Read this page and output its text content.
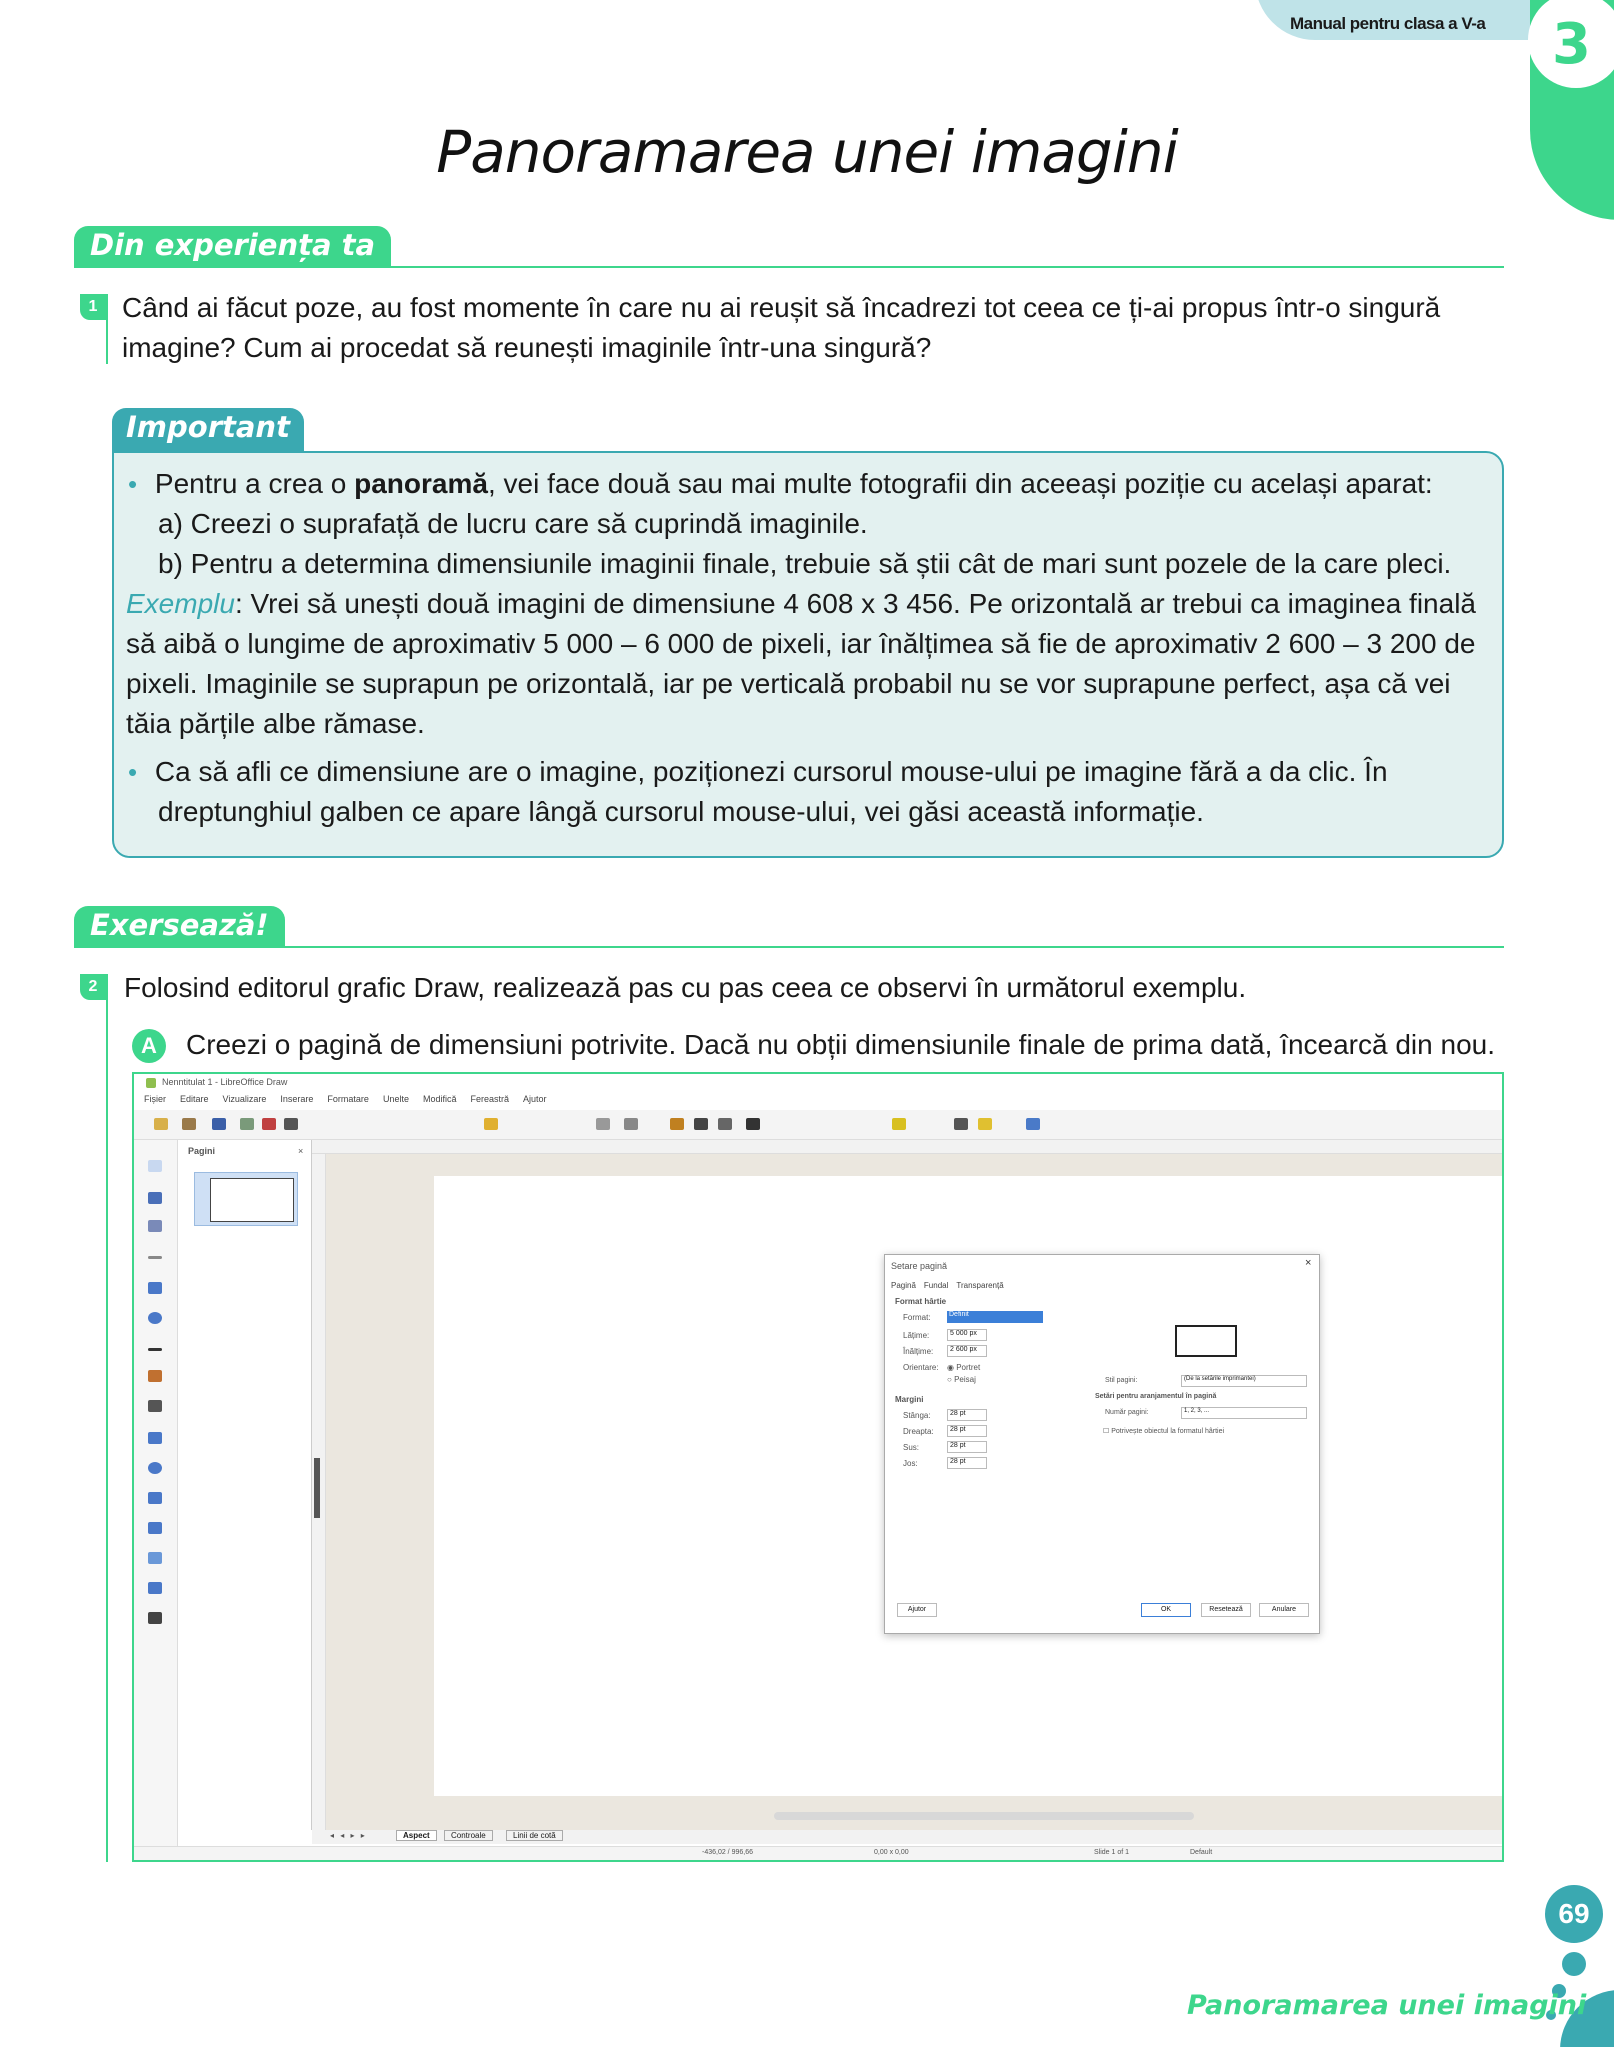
Manual pentru clasa a V-a 3
Panoramarea unei imagini
Din experiența ta
1 Când ai făcut poze, au fost momente în care nu ai reușit să încadrezi tot ceea ce ți-ai propus într-o singură
imagine? Cum ai procedat să reunești imaginile într-una singură?
Important
• Pentru a crea o panoramă, vei face două sau mai multe fotografii din aceeași poziție cu același aparat:
a) Creezi o suprafață de lucru care să cuprindă imaginile.
b) Pentru a determina dimensiunile imaginii finale, trebuie să știi cât de mari sunt pozele de la care pleci.
Exemplu: Vrei să unești două imagini de dimensiune 4 608 x 3 456. Pe orizontală ar trebui ca imaginea finală
să aibă o lungime de aproximativ 5 000 – 6 000 de pixeli, iar înălțimea să fie de aproximativ 2 600 – 3 200 de
pixeli. Imaginile se suprapun pe orizontală, iar pe verticală probabil nu se vor suprapune perfect, așa că vei
tăia părțile albe rămase.
• Ca să afli ce dimensiune are o imagine, poziționezi cursorul mouse-ului pe imagine fără a da clic. În
dreptunghiul galben ce apare lângă cursorul mouse-ului, vei găsi această informație.
Exersează!
2 Folosind editorul grafic Draw, realizează pas cu pas ceea ce observi în următorul exemplu.
A	Creezi o pagină de dimensiuni potrivite. Dacă nu obții dimensiunile finale de prima dată, încearcă din nou.
Nenntitulat 1 - LibreOffice Draw
Fișier Editare Vizualizare Inserare Formatare Unelte Modifică Fereastră Ajutor
Pagini	×
Setare pagină	×
Pagină Fundal Transparență
Format hârtie
Format:	Definit
Lățime:	5 000 px
Înălțime:	2 600 px
Orientare: ◉ Portret
○ Peisaj
Margini
Stânga:	28 pt
Dreapta:	28 pt
Sus:	28 pt
Jos:	28 pt
Stil pagini:	(De la setările imprimantei)
Setări pentru aranjamentul în pagină
Număr pagini:	1, 2, 3, ...
☐ Potrivește obiectul la formatul hârtiei
Ajutor	OK	Resetează	Anulare
◂ ◂ ▸ ▸	Aspect	Controale	Linii de cotă
-436,02 / 996,66	0,00 x 0,00	Slide 1 of 1	Default
69
Panoramarea unei imagini
